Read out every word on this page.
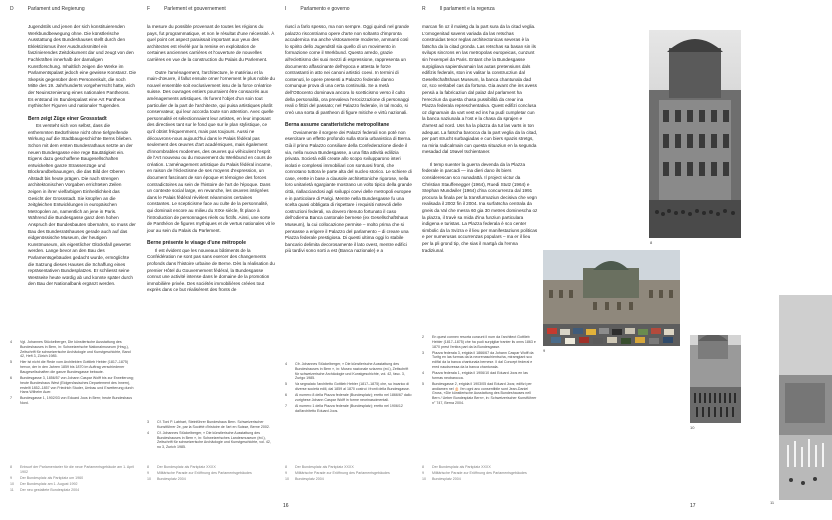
D	Parlament und Regierung	F	Parlement et gouvernement	I	Parlamento e governo	R	Il parlament e la regenza

Jugendstils und jenen der sich konstituierenden Werkbundbewegung ohne. Die künstlerische Ausstattung des Bundeshauses stellt durch den Eklektizismus ihrer Ausdrucksmittel ein faszinierendes Zeitdokument dar und zeugt von den Fachkräften innerhalb der damaligen Kunstforschung. Inhaltlich zeigen die Werke im Parlamentspalast jedoch eine gewisse Konstanz. Die Skepsis gegenüber dem Personenkult, die noch Mitte des 19. Jahrhunderts vorgeherrscht hatte, wich der Neuinszenierung eines nationalen Pantheons. Es entstand im Bundespalast eine Art Pantheon mythischer Figuren und nationaler Tugenden.

Bern zeigt Züge einer Grossstadt

Es versteht sich von selbst, dass die enthemmten Bedürfnisse nicht ohne tiefgreifende Wirkung auf die Stadtbaugeschichte Berns blieben. Schon mit dem ersten Bundesrathaus setzte an der neuen Bundesgasse eine rege Bautätigkeit ein. Eigens dazu geschaffene Baugesellschaften entwickelten ganze Strassenzüge und Blockrandbebauungen, die das Bild der Oberen Altstadt bis heute prägen. Die nach strengen architektonischen Vorgaben errichteten Zeilen zeigen in ihrer vielfarbigen Einheitlichkeit das Gesicht der Grossstadt. Sie knüpfen an die zeitgleichen Entwicklungen in europäischen Metropolen an, namentlich an jene in Paris. Während die Bundesgasse ganz dem hohen Anspruch der Bundesbauten übernahm, so muss der Bau des Bundesratshauses gerade auch auf das eidgenössische Museum, der heutigen Kunstmuseum, als eigentlicher Glücksfall gewertet werden. Lange bevor an den Bau des Parlamentsgebäudes gedacht wurde, ermöglichte die Satzung dieses Hauses die Schaffung eines repräsentativen Bundesplatzes. Er schliesst seine Westseite heute würdig ab und konnte später durch den Bau der Nationalbank ergänzt werden.

4	Vgl. Johannes Stückelberger, Die künstlerische Ausstattung des Bundeshauses in Bern, in: Schweizerische Nationalmuseum (Hrsg.), Zeitschrift für schweizerische Archäologie und Kunstgeschichte, Band 42, Heft 3, Zürich 1985.
5	Hier ist nicht die Rede vom Architekten Gottlieb Hebler (1817–1875) hervor, der in den Jahren 1859 bis 1870 im Auftrag verschiedener Baugesellschaften die ganze Bundesgasse bebaute.
6	Bundesgasse 3, 1856/57 von Johann Caspar Wolff bis zur Erweiterung; heute Bundeshaus West (Eidgenössisches Departement des Innern), erstellt 1852–1857 von Friedrich Studer, Umbau und Erweiterung durch Hans Wilhelm Auer.
7	Bundesgasse 1, 1902/03 von Eduard Joos in Bern; heute Bundeshaus Nord.
8	Entwurf der Parlamentarier für die neue Parlamentsgebäude am 1. April 1902
9	Der Bundesplatz als Parkplatz um 1960
10	Der Bundesplatz am 1. August 1992
11	Der neu gestaltete Bundesplatz 2004

la mesure du possible provenant de toutes les régions du pays, fut programmatique, et non le résultat d'une nécessité. À quel point cet aspect paraissait important aux yeux des architectes est révélé par la remise en exploitation de certaines anciennes carrières et l'ouverture de nouvelles carrières en vue de la construction du Palais du Parlement.

Outre l'aménagement, l'architecture, le matériau et la main-d'œuvre, il fallut ensuite orner l'ornement le plus noble du nouvel ensemble soit exclusivement issu de la force créatrice suisse. Des ouvrages entiers pourraient être consacrés aux aménagements artistiques. Ils furent l'objet d'un soin tout particulier de la part de l'architecte, qui puisa artistiques plutôt conservateur, qui leur accorda toute son attention. Avec quelle personnalité et sélectionnaient leur artistes, en leur imposant des directives tant sur le fond que sur le plan stylistique, ce qu'il obtint fréquemment, mais pas toujours. Aussi ne découvrons-nous aujourd'hui dans le Palais fédéral pas seulement des œuvres d'art académiques, mais également d'innombrables modernes, des œuvres qui véhiculent l'esprit de l'Art nouveau ou du mouvement du Werkbund en cours de création. L'aménagement artistique du Palais fédéral incarne, en raison de l'éclectisme de ses moyens d'expression, un document fascinant de son époque et témoigne des forces contradictoires au sein de l'histoire de l'art de l'époque. Dans un contexte social large, en revanche, les œuvres intégrées dans le Palais fédéral révèlent néanmoins certaines constantes. Le scepticisme face au culte de la personnalité, qui dominait encore au milieu du XIXe siècle, fit place à l'introduction de personnages réels ou fictifs. Ainsi, une sorte de Panthéon de figures mythiques et de vertus nationales vit le jour au sein du Palais du Parlement.

Berne présente le visage d'une métropole

Il est évident que les nouveaux bâtiments de la Confédération ne sont pas sans exercer des changements profonds dans l'histoire urbaine de Berne. Dès la réalisation du premier Hôtel du Gouvernement fédéral, la Bundesgasse connut une activité intense dans le domaine de la promotion immobilière privée. Des sociétés immobilières créées tout exprès dans ce but réalisèrent des fronts de

3	Cf. Toni P. Labhart, Steinführer Bundeshaus Bern. Schweizerischer Kunstführer 2e, par la Société d'histoire de l'art en Suisse, Berne 2002.
4	Cf. Johannes Stückelberger, « Die künstlerische Ausstattung des Bundeshauses in Bern », in: Schweizerisches Landesmuseum (éd.), Zeitschrift für schweizerische Archäologie und Kunstgeschichte, vol. 42, no 3, Zurich 1985.
8	Der Bundesplatz als Parkplatz XXXX
9	Militärische Parade zur Eröffnung des Parlamentsgebäudes
10	Bundesplatz 2004

riuscì a farlo spesso, ma non sempre. Oggi quindi nel grande palazzo riscontriamo opere d'arte non soltanto d'impronta accademica ma anche vistosamente moderne, ammanti così lo spirito dello Jugendstil sia quello di un movimento in formazione come il Werkbund. Questo arredo, grazie all'eclettismo dei suoi mezzi di espressione, rappresenta un documento affascinante dell'epoca e attesta le forze contrastanti in atto nei canoni artistici coevi. In termini di contenuti, le opere presenti a Palazzo federale danno comunque prova di una certa continuità. Se a metà dell'Ottocento dominava ancora lo scetticismo verso il culto della personalità, ora prevaleva l'erocizzazione di personaggi reali o fittizi del passato; nel Palazzo federale, in tal modo, si creò una sorta di pantheon di figure mitiche e virtù nazionali.

Berna assume caratteristiche metropolitane

Ovviamente il sorgere dei Palazzi federali non poté non esercitare un effetto profondo sulla storia urbanistica di Berna. Già il primo Palazzo consiliare della Confederazione diede il via, nella nuova Bundesgasse, a una fitta attività edilizia privata. Società edili create allo scopo svilupparono interi isolati e complessi immobiliari con sontuosi fronti, che connotano tuttora le parte alta del nucleo storico. Le schiere di case, erette in base a clausole architettoniche rigorose, nella loro unitarietà sgargiante mostrano un volto tipico della grande città, riallacciandosi agli sviluppi coevi delle metropoli europee e in particolare di Parigi. Mentre nella Bundesgasse fu una scelta quasi obbligata di rispettare i requisiti notevoli delle costruzioni federali, va dovero ritenuto fortunato il caso dell'odierna Banca cantonale bernese (ex Gesellschaftshaus Museum), la cui collocazione permise – molto prima che si pensasse a erigere il Palazzo del parlamento – di creare una Piazza federale prestigiosa. Di questi ultima oggi lo stabile bancario delimita decorosamente il lato ovest, mentre edifici più tardivi sono sorti a est (Banca nazionale) e a

4	Cfr. Johannes Stückelberger, « Die künstlerische Ausstattung des Bundeshauses in Bern », in: Museo nazionale svizzero (ed.), Zeitschrift für schweizerische Archäologie und Kunstgeschichte, vol. 42, fasc. 3, Zurigo 1985.
5	Va segnalato l'architetto Gottlieb Hebler (1817–1875) che, su incarico di diverse società edili, dal 1859 al 1870 costruì i fronti della Bundesgasse.
6	Al numero 8 della Piazza federale (Bundesplatz); eretto nel 1866/67 dallo zurighese Johann Caspar Wolff in forme neorinascimentali.
7	Al numero 1 della Piazza federale (Bundesplatz); eretto nel 1906/12 dall'architetto Eduard Joos.
8	Der Bundesplatz als Parkplatz XXXX
9	Militärische Parade zur Eröffnung des Parlamentsgebäudes
10	Bundesplatz 2004

marcan fin oz il maletg da la part sura da la citad veglia. L'omogenitad savens variada da las retschas construidas tenor reglas architectonicas severas è la fatscha da la citad gronda. Las retschas sa basan sin ils svilups sincrons en las metropolas europeicas, cunzunt sin l'exempel da Paris. Entant che la Bundesgasse surpigliava sapientivamain las autas pretensiuns dals edifizis federals, ston ins valitar la construcziun dal Gesellschaftshaus Museum, la banca chantunala dad oz, sco veritabel cas da fortuna. Gia avant che ins avess pensà a la fabricaziun dal palaz dal parlament ha l'erecziun da questa chasa pussibilità da crear ina Plazza federala represchentativa. Quest edifizi conclusa oz dignamain da vart vest ed ins ha pudì cumpletar cun la banca naziunala a l'ost e la chasa da sprajen e d'arrest ad nord. Uss ha la plazza da tut las varts in ton adequat. La fatscha barocca da la part veglia da la citad, per part strucht surbagiadas e cun biers spazis stretgs, na miria radicalmain cun questa situaziun en la segunda mesadad dal 19avel tschientaner.

Il temp suenter la guerra devenda da la Plazza federale in parcadi — ina dieri dano ils biers considerescan sco nunadattà. Il project victur da Christian Stauffenegger (1964), Ruedi Stutz (1964) e Stephan Mundwiler (1964) d'ina concurrenza dal 1991 procura la finala per la transfurmaziun decisiva che vegn realisada il 2002 fin il 2004. Ina surfatscha centrala da gneis da Val che mesra 60 gia 30 metres dominescha oz la plazza, il travè sa mida d'ina funziun particulara indigena e turistas. La Plazza federala è sco center simbolic da la Svizra e il lieu per manifestaziuns politicas e per numerusas occurrenzas populars – ma er il lieu per la pli grond tip, che sias il martgà da l'emna tradiziunal.

2	En quest connex resorta cunzunt il num da l'architect Gottlieb Hebler (1817–1875) che ha pudì surpigliar tranter ils onns 1863 e 1870 prest l'entira part da la Bundesgasse.
3	Plazza federala 3, erigida il 1866/67 da Johann Caspar Wolff da Turitg en las furmas da la neorenaschientscha, miramgiant sco edifizi da la banca chantunala bernese. Il dal Concept federal e ered naudsvessa da la banca chantunala.
4	Plazza federala 1, erigida il 1906/10 dad Eduard Joos en las furmas neobarocca.
5	Bundesgasse 2, erigida il 1903/05 dad Eduard Joos; edifizi per andiamen nel 🎂 l'en ogni anc consentibile sont Jean-Daniel Gross, «Die künstlerische Ausstattung des Bundeshauses nell Bern / Ueber Bundesplatz Bern», in: Schweizerischer Kunstführer n° 747, Berna 2004.
8	Der Bundesplatz als Parkplatz XXXX
9	Militärische Parade zur Eröffnung des Parlamentsgebäudes
10	Bundesplatz 2004
8
9
10
11
16	17
